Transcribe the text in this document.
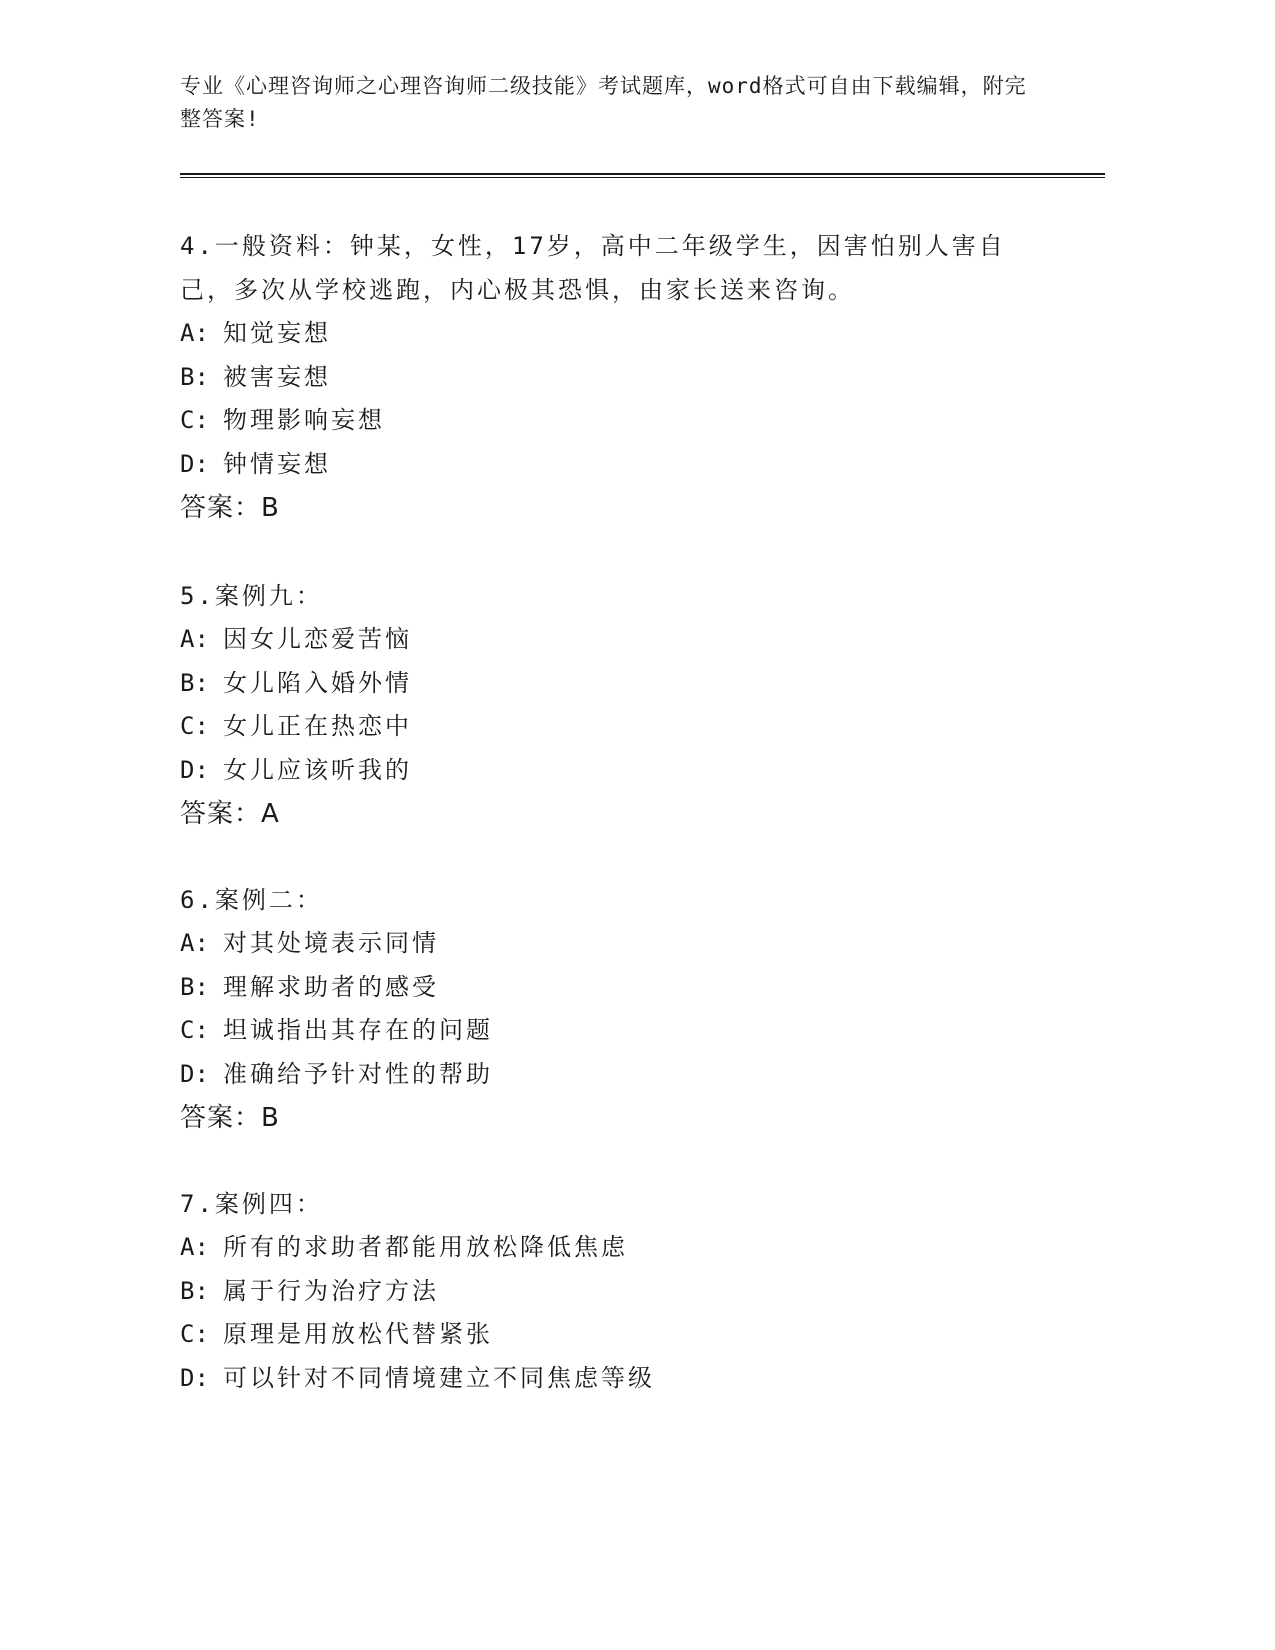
专业《心理咨询师之心理咨询师二级技能》考试题库，word格式可自由下载编辑，附完整答案!

4.一般资料：钟某，女性，17岁，高中二年级学生，因害怕别人害自己，多次从学校逃跑，内心极其恐惧，由家长送来咨询。

A: 知觉妄想

B: 被害妄想

C: 物理影响妄想

D: 钟情妄想

答案：B

5.案例九：

A: 因女儿恋爱苦恼

B: 女儿陷入婚外情

C: 女儿正在热恋中

D: 女儿应该听我的

答案：A

6.案例二：

A: 对其处境表示同情

B: 理解求助者的感受

C: 坦诚指出其存在的问题

D: 准确给予针对性的帮助

答案：B

7.案例四：

A: 所有的求助者都能用放松降低焦虑

B: 属于行为治疗方法

C: 原理是用放松代替紧张

D: 可以针对不同情境建立不同焦虑等级
